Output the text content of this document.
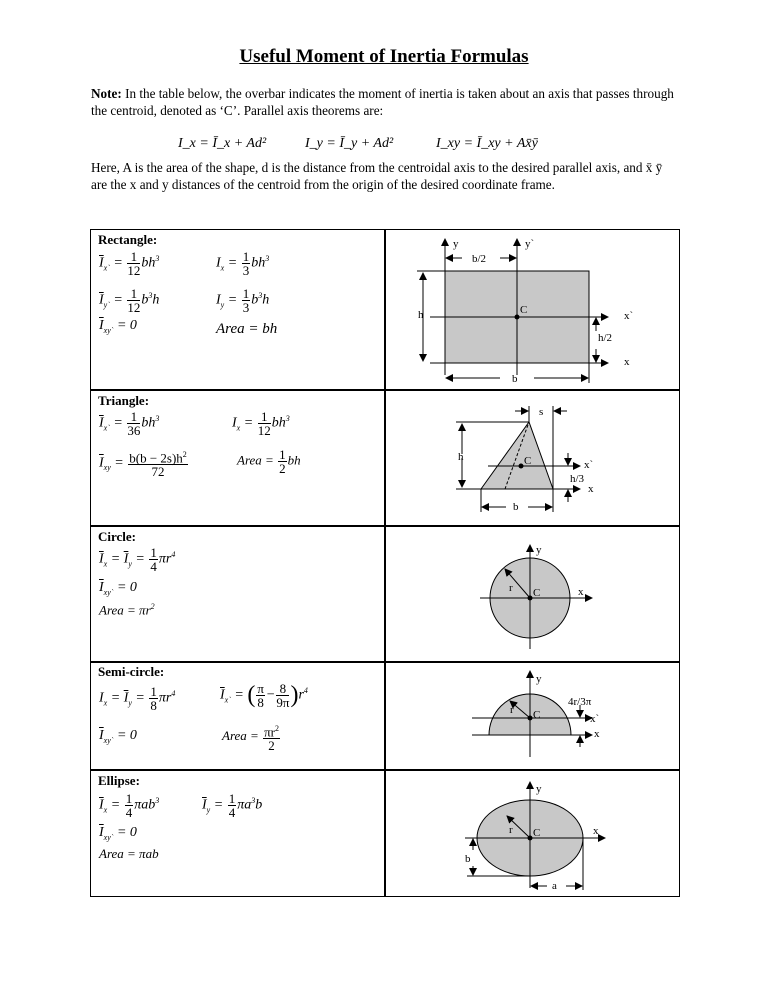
Useful Moment of Inertia Formulas
Note: In the table below, the overbar indicates the moment of inertia is taken about an axis that passes through the centroid, denoted as ‘C’. Parallel axis theorems are:
I_x = Ī_x + Ad²	I_y = Ī_y + Ad²	I_xy = Ī_xy + Ax̄ȳ
Here, A is the area of the shape, d is the distance from the centroidal axis to the desired parallel axis, and x̄ ȳ are the x and y distances of the centroid from the origin of the desired coordinate frame.
Rectangle:
Triangle:
Circle:
Semi-circle:
Ellipse:
$\overline{I}_{x`} = \frac{1}{12} bh^3$	$I_x = \frac{1}{3} bh^3$
$\overline{I}_{y`} = \frac{1}{12} b^3h$	$I_y = \frac{1}{3} b^3h$
$\overline{I}_{xy`} = 0$	Area = bh
$\overline{I}_{x`} = \frac{1}{36} bh^3$	$I_x = \frac{1}{12} bh^3$
$\overline{I}_{xy} = \frac{b(b - 2s)h^2}{72}$	Area = $\frac{1}{2}$ bh
$\overline{I}_x = \overline{I}_y = \frac{1}{4} \pi r^4$
$\overline{I}_{xy`} = 0$
Area = $\pi r^2$
$I_x = \overline{I}_y = \frac{1}{8} \pi r^4$	$\overline{I}_{x`}$ = ( $\frac{\pi}{8} - \frac{8}{9\pi} )r^4$
$\overline{I}_{xy`} = 0$	Area = $\frac{\pi r^2}{2}$
$\overline{I}_x = \frac{1}{4} \pi ab^3$	$\overline{I}_y = \frac{1}{4} \pi a^3b$
$\overline{I}_{xy`} = 0$
Area = πab
y	y`
b/2
h	C	x`
h/2
x
b
s
h	C	x`
h/3
x
b
y
r C	x
y
4r/3π
r C	x`
x
y
r C	x
b
a
